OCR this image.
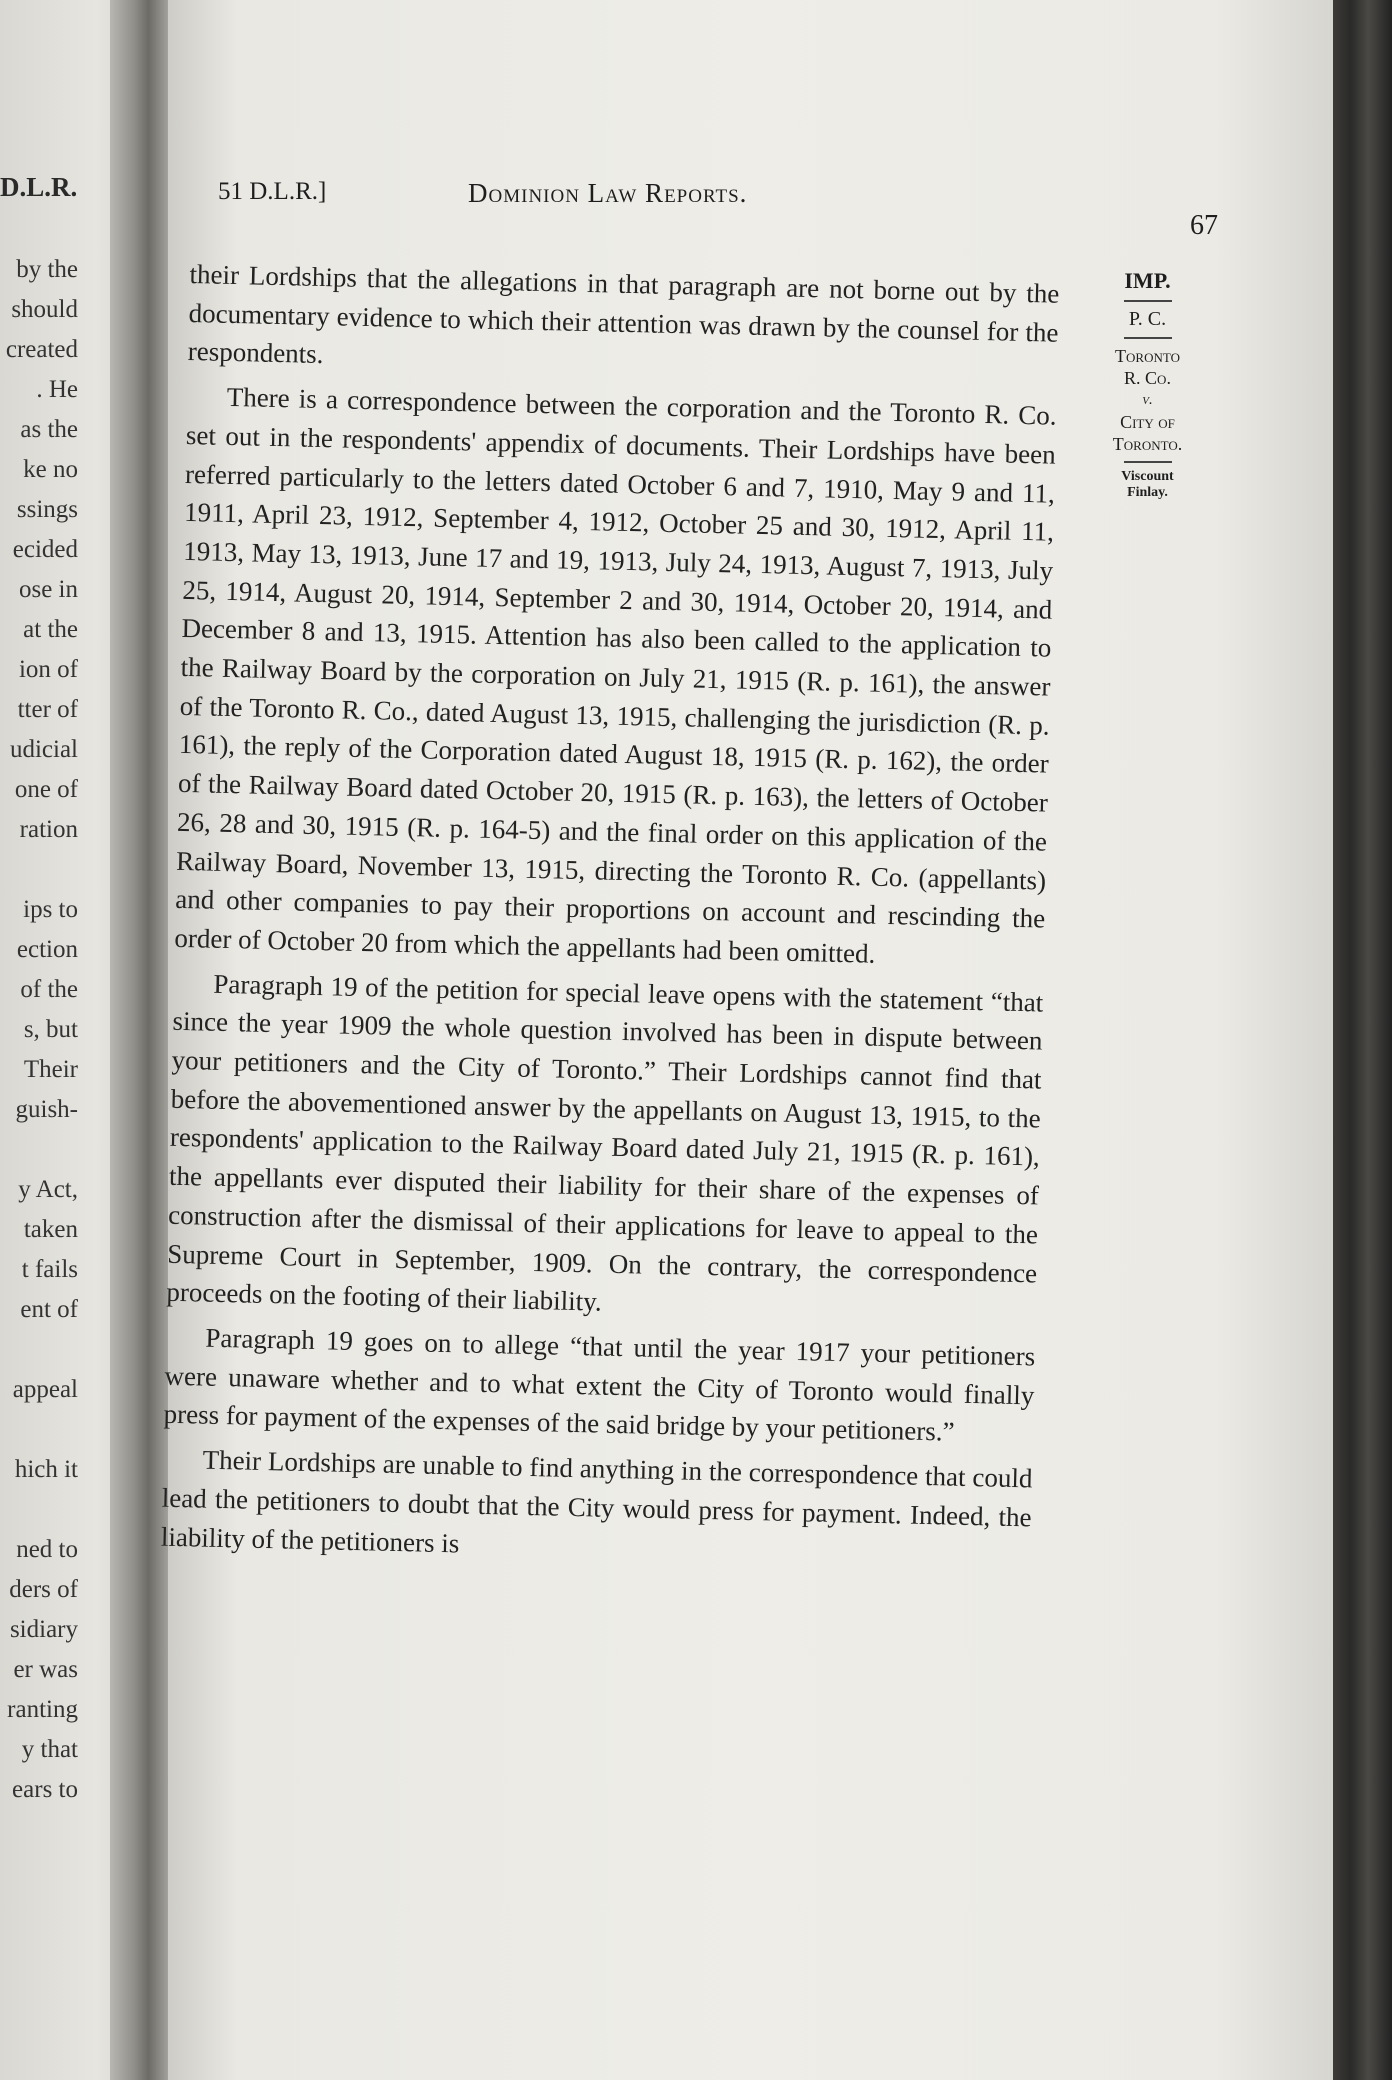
D.L.R.
by the
should
created
. He
as the
ke no
ssings
ecided
ose in
at the
ion of
tter of
udicial
one of
ration
ips to
ection
of the
s, but
Their
guish-
y Act,
taken
t fails
ent of
appeal
hich it
ned to
ders of
sidiary
er was
ranting
y that
ears to
51 D.L.R.]	Dominion Law Reports.
67
IMP.
P. C.
Toronto
R. Co.
v.
City of
Toronto.
Viscount
Finlay.

their Lordships that the allegations in that paragraph are not borne out by the documentary evidence to which their attention was drawn by the counsel for the respondents.

There is a correspondence between the corporation and the Toronto R. Co. set out in the respondents' appendix of documents. Their Lordships have been referred particularly to the letters dated October 6 and 7, 1910, May 9 and 11, 1911, April 23, 1912, September 4, 1912, October 25 and 30, 1912, April 11, 1913, May 13, 1913, June 17 and 19, 1913, July 24, 1913, August 7, 1913, July 25, 1914, August 20, 1914, September 2 and 30, 1914, October 20, 1914, and December 8 and 13, 1915. Attention has also been called to the application to the Railway Board by the corporation on July 21, 1915 (R. p. 161), the answer of the Toronto R. Co., dated August 13, 1915, challenging the jurisdiction (R. p. 161), the reply of the Corporation dated August 18, 1915 (R. p. 162), the order of the Railway Board dated October 20, 1915 (R. p. 163), the letters of October 26, 28 and 30, 1915 (R. p. 164-5) and the final order on this application of the Railway Board, November 13, 1915, directing the Toronto R. Co. (appellants) and other companies to pay their proportions on account and rescinding the order of October 20 from which the appellants had been omitted.

Paragraph 19 of the petition for special leave opens with the statement “that since the year 1909 the whole question involved has been in dispute between your petitioners and the City of Toronto.” Their Lordships cannot find that before the abovementioned answer by the appellants on August 13, 1915, to the respondents' application to the Railway Board dated July 21, 1915 (R. p. 161), the appellants ever disputed their liability for their share of the expenses of construction after the dismissal of their applications for leave to appeal to the Supreme Court in September, 1909. On the contrary, the correspondence proceeds on the footing of their liability.

Paragraph 19 goes on to allege “that until the year 1917 your petitioners were unaware whether and to what extent the City of Toronto would finally press for payment of the expenses of the said bridge by your petitioners.”

Their Lordships are unable to find anything in the correspondence that could lead the petitioners to doubt that the City would press for payment. Indeed, the liability of the petitioners is
